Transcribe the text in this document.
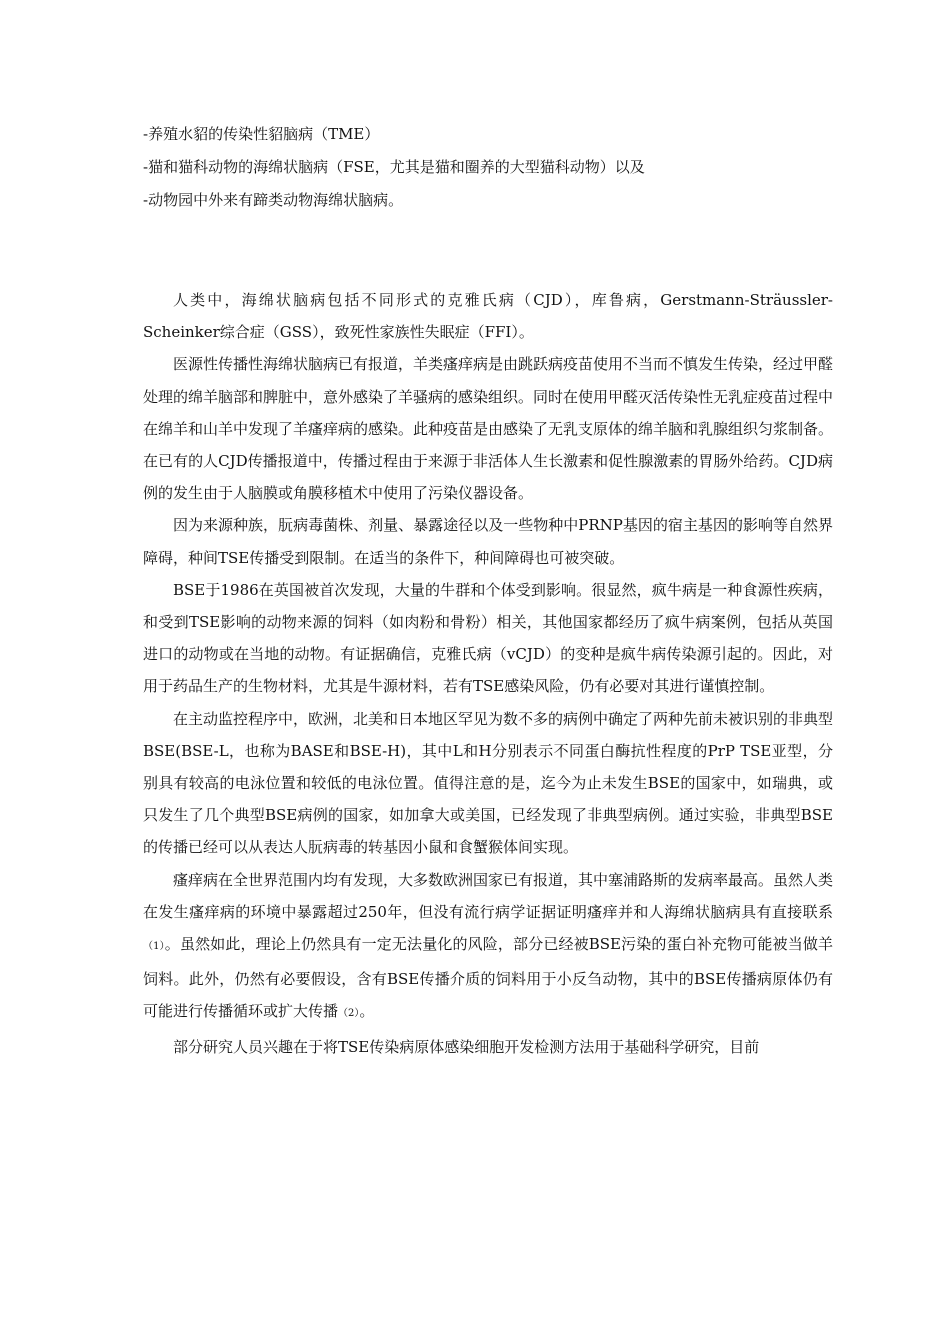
-养殖水貂的传染性貂脑病（TME）

-猫和猫科动物的海绵状脑病（FSE，尤其是猫和圈养的大型猫科动物）以及

-动物园中外来有蹄类动物海绵状脑病。

人类中，海绵状脑病包括不同形式的克雅氏病（CJD），库鲁病，Gerstmann-Sträussler-Scheinker综合症（GSS），致死性家族性失眠症（FFI）。

医源性传播性海绵状脑病已有报道，羊类瘙痒病是由跳跃病疫苗使用不当而不慎发生传染，经过甲醛处理的绵羊脑部和脾脏中，意外感染了羊骚病的感染组织。同时在使用甲醛灭活传染性无乳症疫苗过程中在绵羊和山羊中发现了羊瘙痒病的感染。此种疫苗是由感染了无乳支原体的绵羊脑和乳腺组织匀浆制备。在已有的人CJD传播报道中，传播过程由于来源于非活体人生长激素和促性腺激素的胃肠外给药。CJD病例的发生由于人脑膜或角膜移植术中使用了污染仪器设备。

因为来源种族，朊病毒菌株、剂量、暴露途径以及一些物种中PRNP基因的宿主基因的影响等自然界障碍，种间TSE传播受到限制。在适当的条件下，种间障碍也可被突破。

BSE于1986在英国被首次发现，大量的牛群和个体受到影响。很显然，疯牛病是一种食源性疾病，和受到TSE影响的动物来源的饲料（如肉粉和骨粉）相关，其他国家都经历了疯牛病案例，包括从英国进口的动物或在当地的动物。有证据确信，克雅氏病（vCJD）的变种是疯牛病传染源引起的。因此，对用于药品生产的生物材料，尤其是牛源材料，若有TSE感染风险，仍有必要对其进行谨慎控制。

在主动监控程序中，欧洲，北美和日本地区罕见为数不多的病例中确定了两种先前未被识别的非典型BSE(BSE-L，也称为BASE和BSE-H)，其中L和H分别表示不同蛋白酶抗性程度的PrP TSE亚型，分别具有较高的电泳位置和较低的电泳位置。值得注意的是，迄今为止未发生BSE的国家中，如瑞典，或只发生了几个典型BSE病例的国家，如加拿大或美国，已经发现了非典型病例。通过实验，非典型BSE的传播已经可以从表达人朊病毒的转基因小鼠和食蟹猴体间实现。

瘙痒病在全世界范围内均有发现，大多数欧洲国家已有报道，其中塞浦路斯的发病率最高。虽然人类在发生瘙痒病的环境中暴露超过250年，但没有流行病学证据证明瘙痒并和人海绵状脑病具有直接联系（1）。虽然如此，理论上仍然具有一定无法量化的风险，部分已经被BSE污染的蛋白补充物可能被当做羊饲料。此外，仍然有必要假设，含有BSE传播介质的饲料用于小反刍动物，其中的BSE传播病原体仍有可能进行传播循环或扩大传播（2）。

部分研究人员兴趣在于将TSE传染病原体感染细胞开发检测方法用于基础科学研究，目前
